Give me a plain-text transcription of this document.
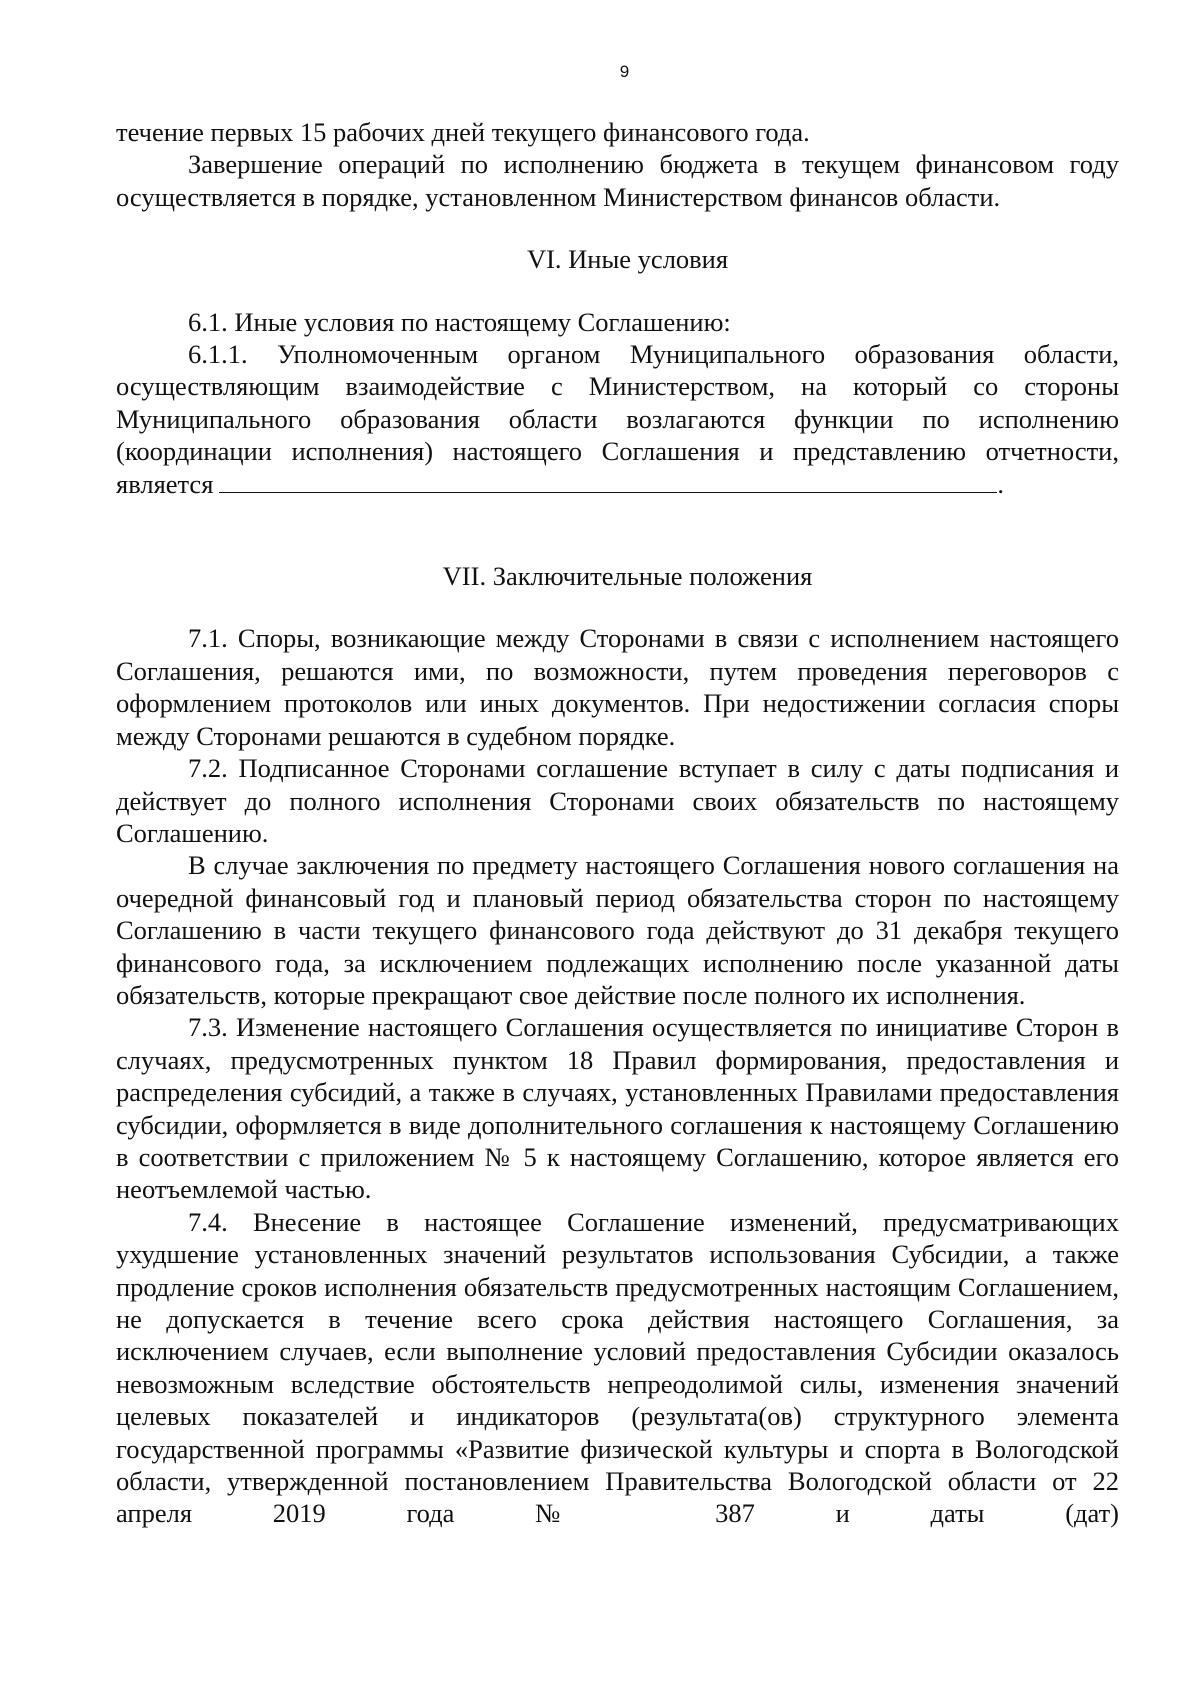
9

течение первых 15 рабочих дней текущего финансового года.

Завершение операций по исполнению бюджета в текущем финансовом году осуществляется в порядке, установленном Министерством финансов области.

VI. Иные условия

6.1. Иные условия по настоящему Соглашению:

6.1.1. Уполномоченным органом Муниципального образования области, осуществляющим взаимодействие с Министерством, на который со стороны Муниципального образования области возлагаются функции по исполнению (координации исполнения) настоящего Соглашения и представлению отчетности,

является	.

VII. Заключительные положения

7.1. Споры, возникающие между Сторонами в связи с исполнением настоящего Соглашения, решаются ими, по возможности, путем проведения переговоров с оформлением протоколов или иных документов. При недостижении согласия споры между Сторонами решаются в судебном порядке.

7.2. Подписанное Сторонами соглашение вступает в силу с даты подписания и действует до полного исполнения Сторонами своих обязательств по настоящему Соглашению.

В случае заключения по предмету настоящего Соглашения нового соглашения на очередной финансовый год и плановый период обязательства сторон по настоящему Соглашению в части текущего финансового года действуют до 31 декабря текущего финансового года, за исключением подлежащих исполнению после указанной даты обязательств, которые прекращают свое действие после полного их исполнения.

7.3. Изменение настоящего Соглашения осуществляется по инициативе Сторон в случаях, предусмотренных пунктом 18 Правил формирования, предоставления и распределения субсидий, а также в случаях, установленных Правилами предоставления субсидии, оформляется в виде дополнительного соглашения к настоящему Соглашению в соответствии с приложением № 5 к настоящему Соглашению, которое является его неотъемлемой частью.

7.4. Внесение в настоящее Соглашение изменений, предусматривающих ухудшение установленных значений результатов использования Субсидии, а также продление сроков исполнения обязательств предусмотренных настоящим Соглашением, не допускается в течение всего срока действия настоящего Соглашения, за исключением случаев, если выполнение условий предоставления Субсидии оказалось невозможным вследствие обстоятельств непреодолимой силы, изменения значений целевых показателей и индикаторов (результата(ов) структурного элемента государственной программы «Развитие физической культуры и спорта в Вологодской области, утвержденной постановлением Правительства Вологодской области от 22 апреля 2019 года № 387 и даты (дат)
